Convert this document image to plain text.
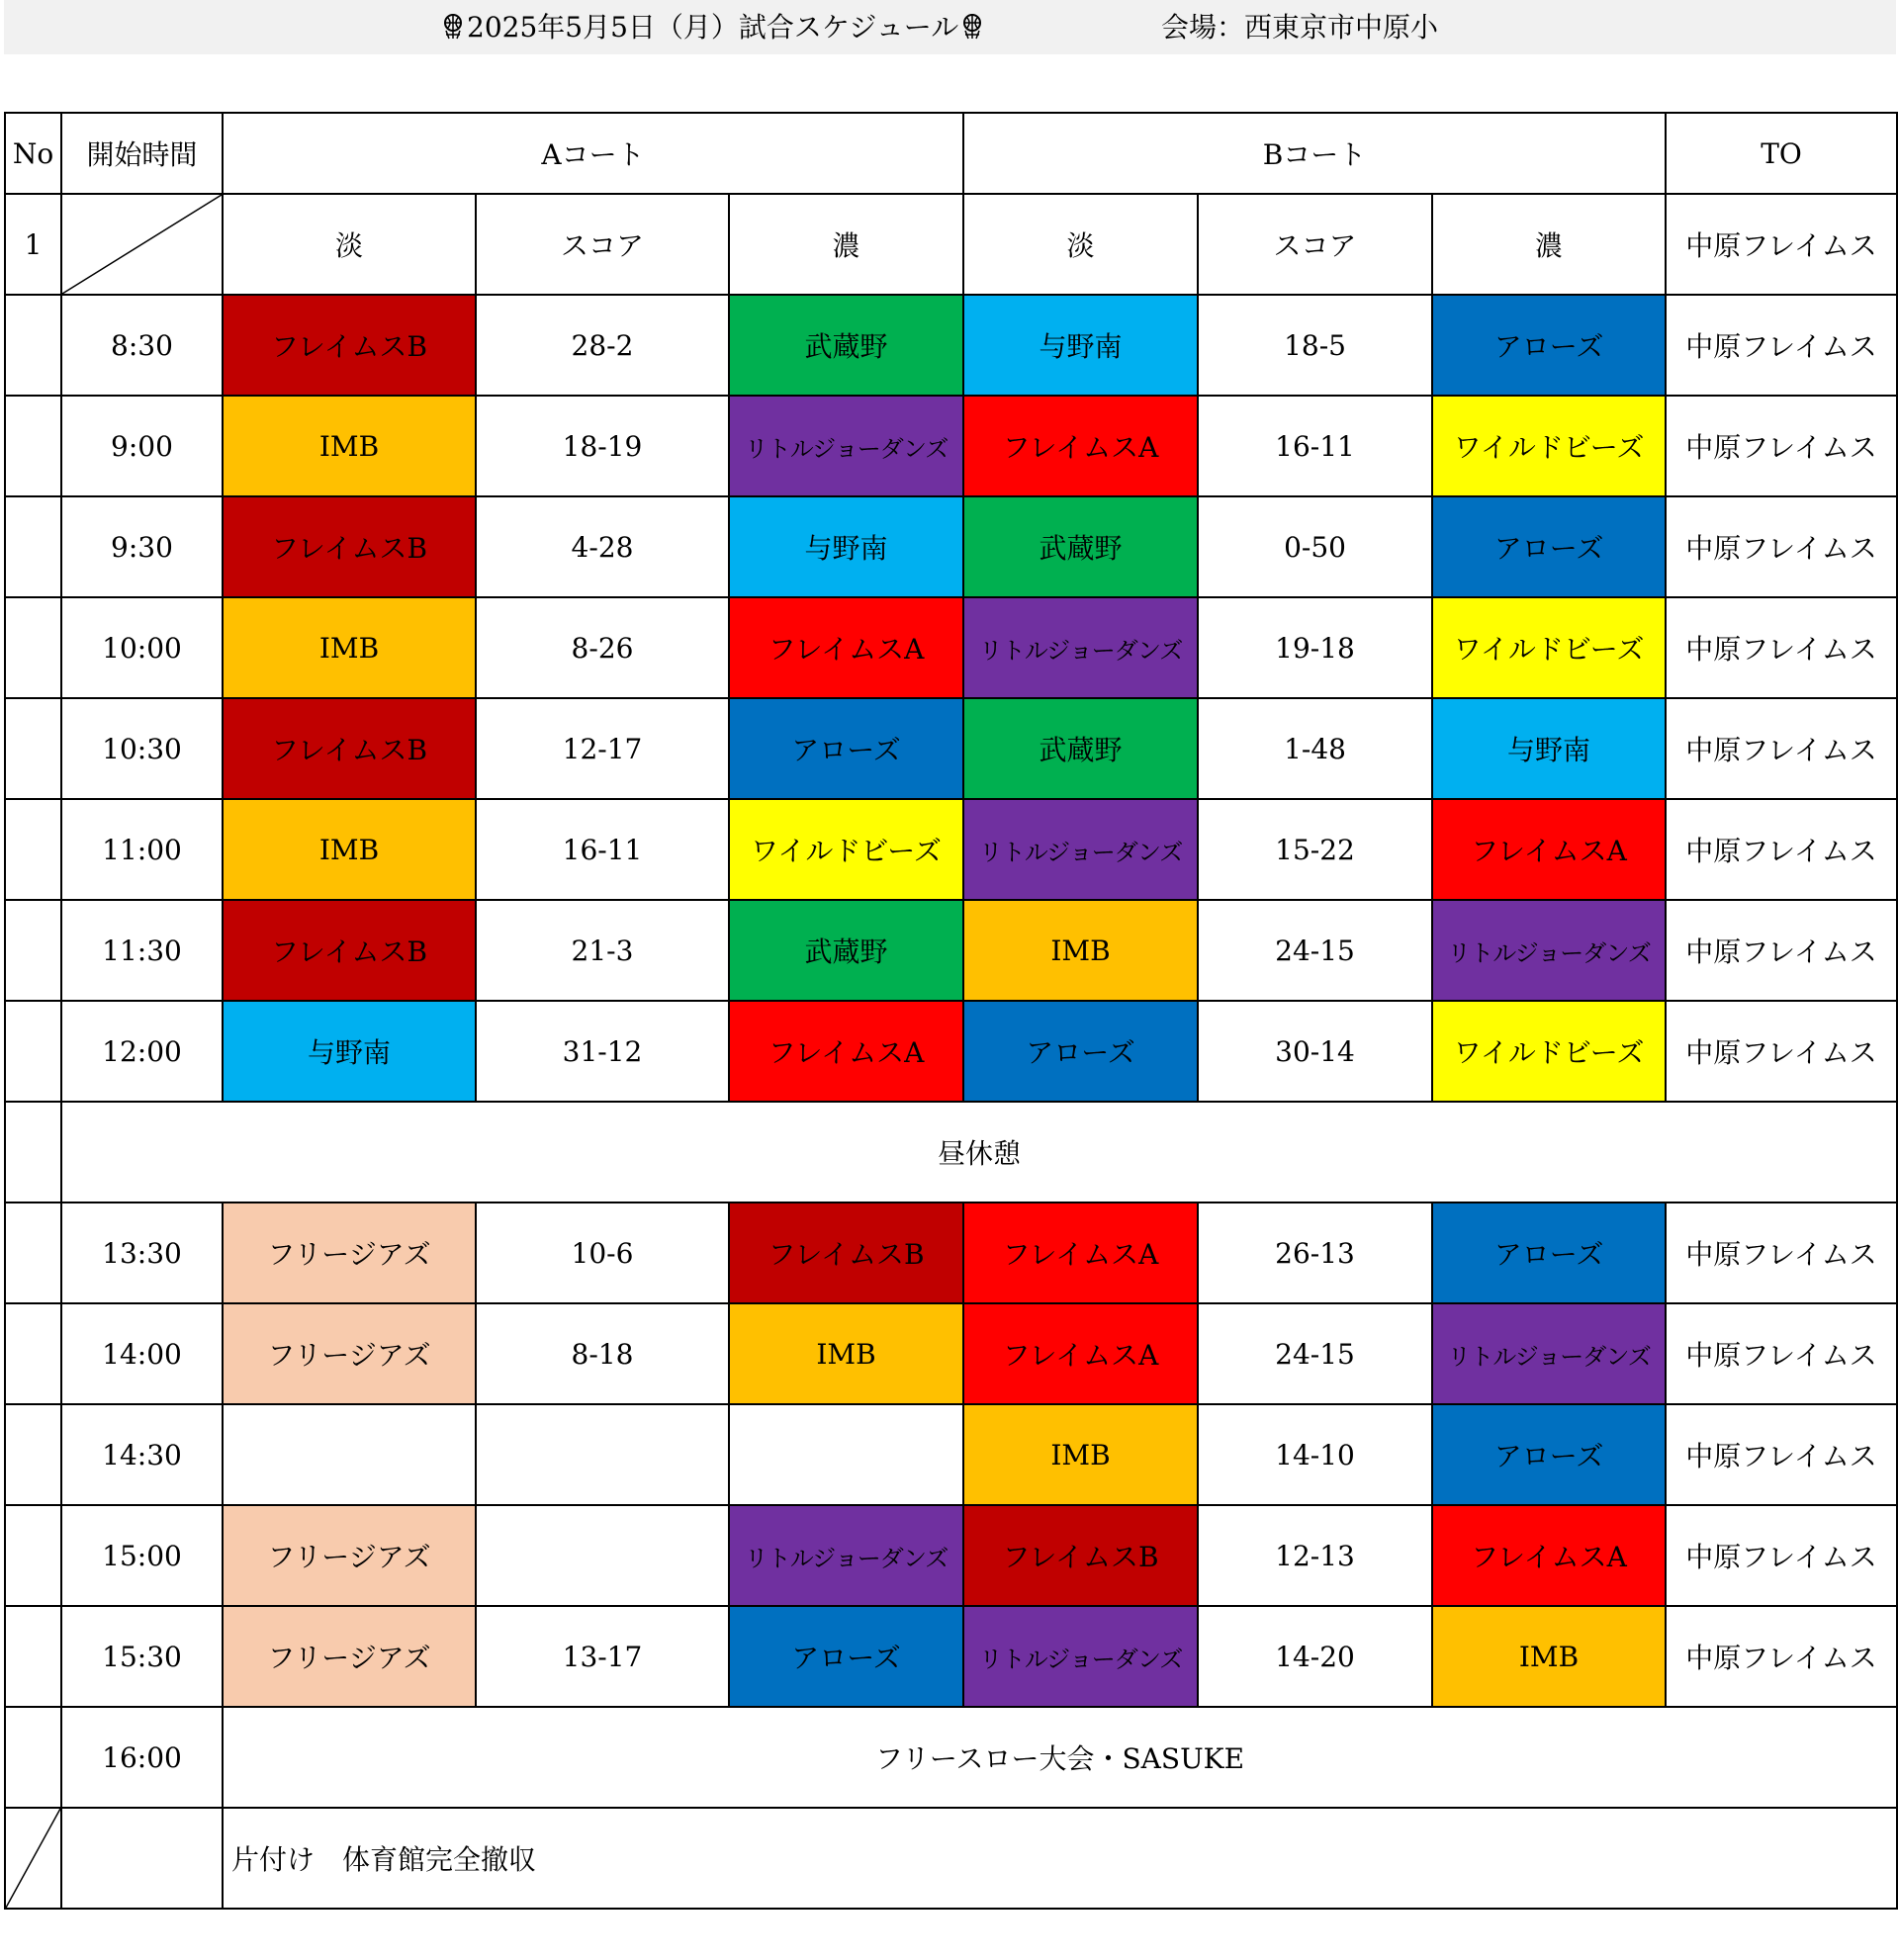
2025年5月5日（月）試合スケジュール	会場：西東京市中原小
No	開始時間	Aコート			Bコート			TO
1		淡	スコア	濃	淡	スコア	濃	中原フレイムス
	8:30	フレイムスB	28-2	武蔵野	与野南	18-5	アローズ	中原フレイムス
	9:00	IMB	18-19	リトルジョーダンズ	フレイムスA	16-11	ワイルドビーズ	中原フレイムス
	9:30	フレイムスB	4-28	与野南	武蔵野	0-50	アローズ	中原フレイムス
	10:00	IMB	8-26	フレイムスA	リトルジョーダンズ	19-18	ワイルドビーズ	中原フレイムス
	10:30	フレイムスB	12-17	アローズ	武蔵野	1-48	与野南	中原フレイムス
	11:00	IMB	16-11	ワイルドビーズ	リトルジョーダンズ	15-22	フレイムスA	中原フレイムス
	11:30	フレイムスB	21-3	武蔵野	IMB	24-15	リトルジョーダンズ	中原フレイムス
	12:00	与野南	31-12	フレイムスA	アローズ	30-14	ワイルドビーズ	中原フレイムス
	昼休憩							
	13:30	フリージアズ	10-6	フレイムスB	フレイムスA	26-13	アローズ	中原フレイムス
	14:00	フリージアズ	8-18	IMB	フレイムスA	24-15	リトルジョーダンズ	中原フレイムス
	14:30				IMB	14-10	アローズ	中原フレイムス
	15:00	フリージアズ		リトルジョーダンズ	フレイムスB	12-13	フレイムスA	中原フレイムス
	15:30	フリージアズ	13-17	アローズ	リトルジョーダンズ	14-20	IMB	中原フレイムス
	16:00	フリースロー大会・SASUKE						

		片付け　体育館完全撤収						
